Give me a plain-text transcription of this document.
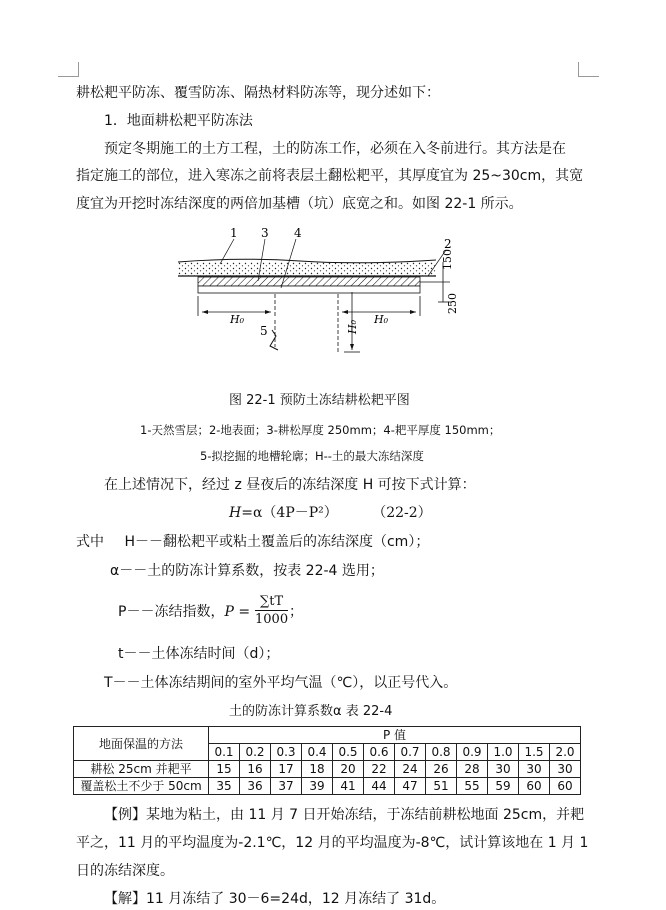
耕松耙平防冻、覆雪防冻、隔热材料防冻等，现分述如下：
1．地面耕松耙平防冻法
预定冬期施工的土方工程，土的防冻工作，必须在入冬前进行。其方法是在
指定施工的部位，进入寒冻之前将表层土翻松耙平，其厚度宜为 25~30cm，其宽
度宜为开挖时冻结深度的两倍加基槽（坑）底宽之和。如图 22-1 所示。
150
250
H₀	H₀
H₀
1 3 4
2
5
图 22-1 预防土冻结耕松耙平图
1-天然雪层；2-地表面；3-耕松厚度 250mm；4-耙平厚度 150mm；
5-拟挖掘的地槽轮廓；H--土的最大冻结深度
在上述情况下，经过 z 昼夜后的冻结深度 H 可按下式计算：
H=α（4P－P²） （22-2）
式中 H－－翻松耙平或粘土覆盖后的冻结深度（cm）；
α－－土的防冻计算系数，按表 22-4 选用；
P－－冻结指数，$P = \frac{\sum tT}{1000}$ ；
t－－土体冻结时间（d）；
T－－土体冻结期间的室外平均气温（℃），以正号代入。
土的防冻计算系数α 表 22-4
地面保温的方法	P 值											
	0.1	0.2	0.3	0.4	0.5	0.6	0.7	0.8	0.9	1.0	1.5	2.0
耕松 25cm 并耙平	15	16	17	18	20	22	24	26	28	30	30	30
覆盖松土不少于 50cm	35	36	37	39	41	44	47	51	55	59	60	60
【例】某地为粘土，由 11 月 7 日开始冻结，于冻结前耕松地面 25cm，并耙
平之，11 月的平均温度为-2.1℃，12 月的平均温度为-8℃，试计算该地在 1 月 1
日的冻结深度。
【解】11 月冻结了 30－6=24d，12 月冻结了 31d。
